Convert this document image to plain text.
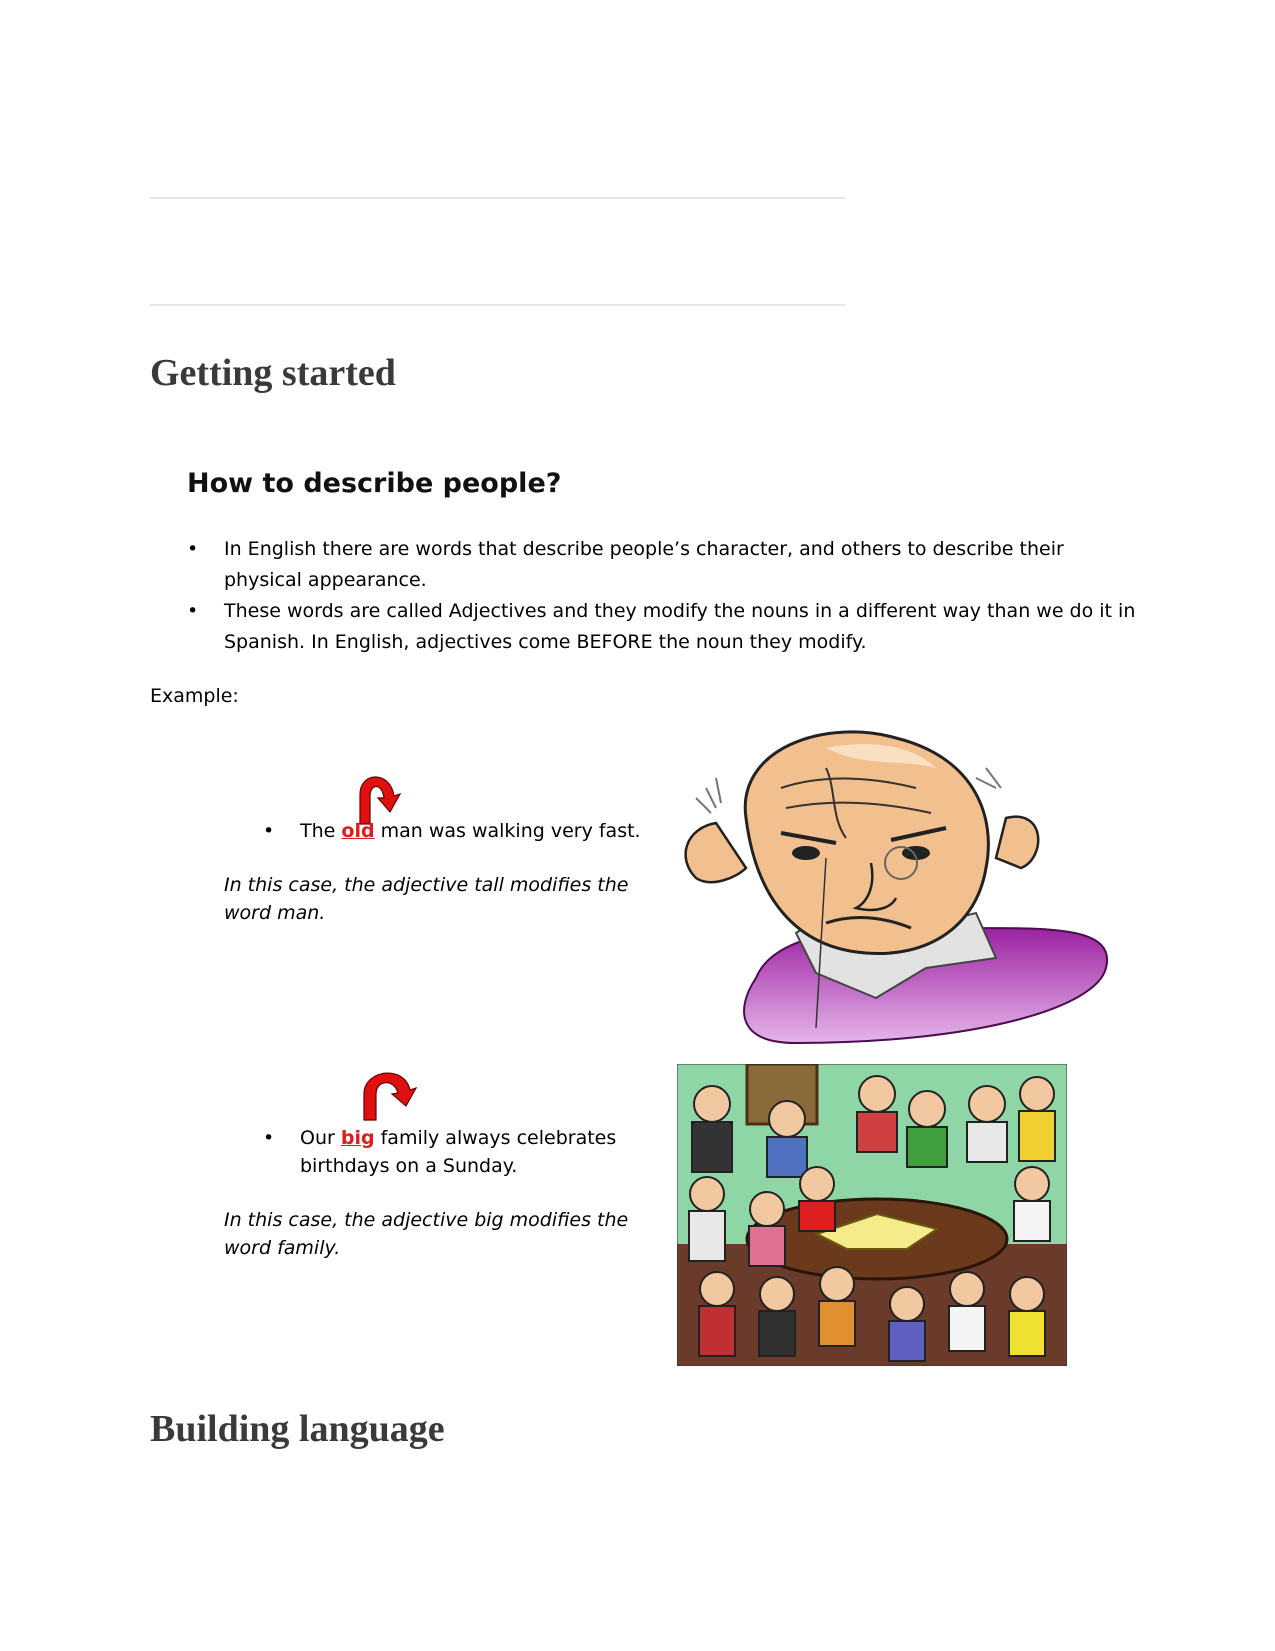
Getting started
How to describe people?
• In English there are words that describe people’s character, and others to describe their physical appearance.
• These words are called Adjectives and they modify the nouns in a different way than we do it in Spanish. In English, adjectives come BEFORE the noun they modify.
Example:
• The old man was walking very fast.
In this case, the adjective tall modifies the word man.
• Our big family always celebrates birthdays on a Sunday.
In this case, the adjective big modifies the word family.
Building language
